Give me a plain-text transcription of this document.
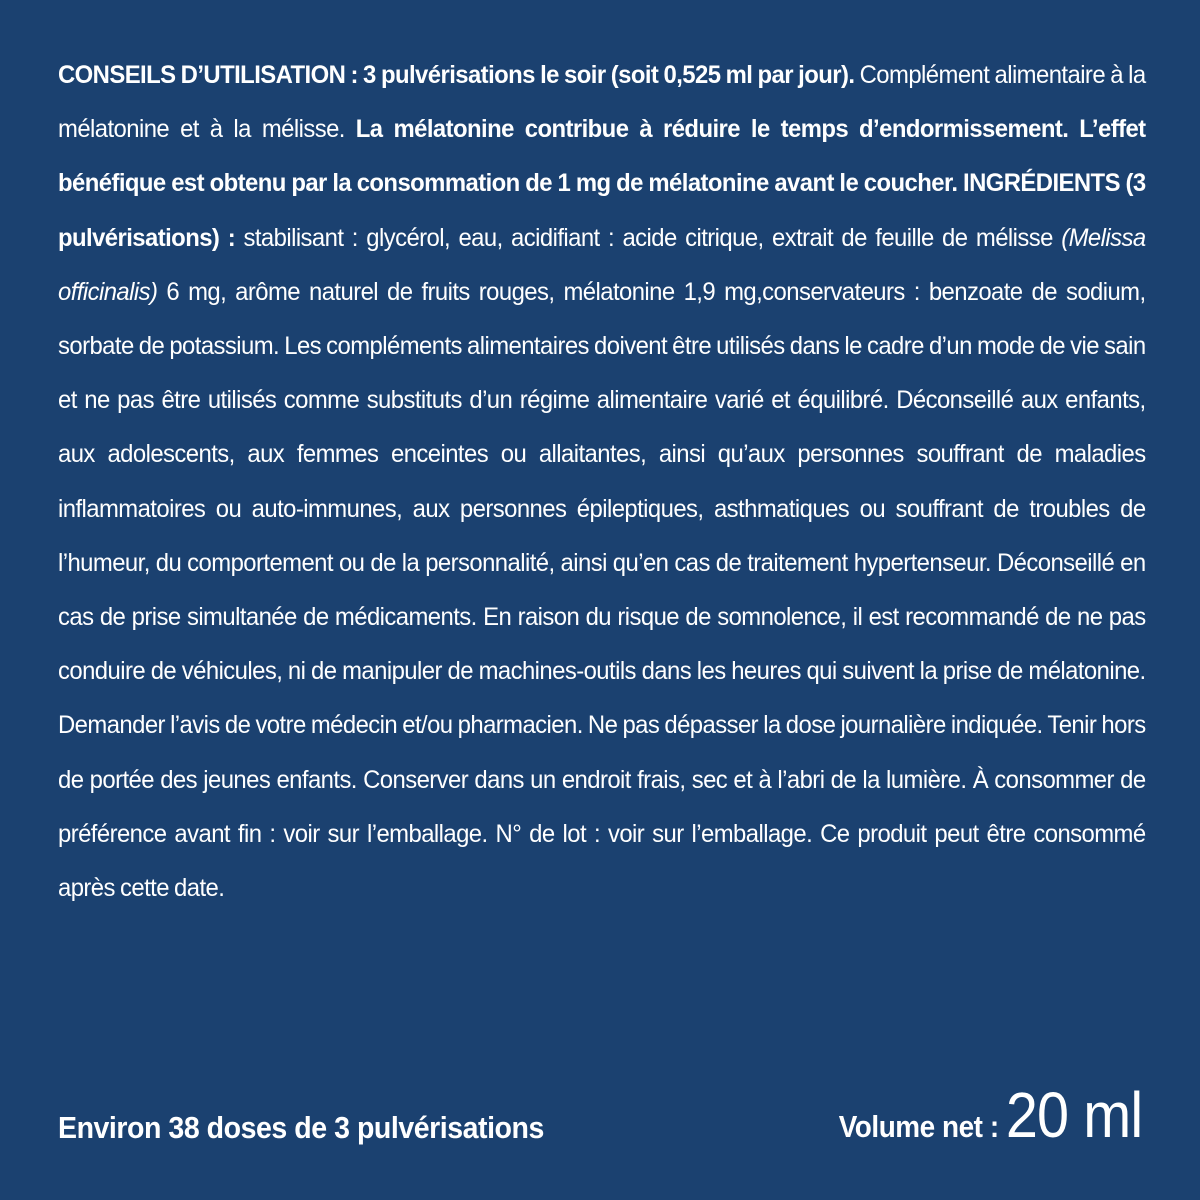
CONSEILS D’UTILISATION : 3 pulvérisations le soir (soit 0,525 ml par jour). Complément alimentaire à la mélatonine et à la mélisse. La mélatonine contribue à réduire le temps d’endormissement. L’effet bénéfique est obtenu par la consommation de 1 mg de mélatonine avant le coucher. INGRÉDIENTS (3 pulvérisations) : stabilisant : glycérol, eau, acidifiant : acide citrique, extrait de feuille de mélisse (Melissa officinalis) 6 mg, arôme naturel de fruits rouges, mélatonine 1,9 mg,conservateurs : benzoate de sodium, sorbate de potassium. Les compléments alimentaires doivent être utilisés dans le cadre d’un mode de vie sain et ne pas être utilisés comme substituts d’un régime alimentaire varié et équilibré. Déconseillé aux enfants, aux adolescents, aux femmes enceintes ou allaitantes, ainsi qu’aux personnes souffrant de maladies inflammatoires ou auto-immunes, aux personnes épileptiques, asthmatiques ou souffrant de troubles de l’humeur, du comportement ou de la personnalité, ainsi qu’en cas de traitement hypertenseur. Déconseillé en cas de prise simultanée de médicaments. En raison du risque de somnolence, il est recommandé de ne pas conduire de véhicules, ni de manipuler de machines-outils dans les heures qui suivent la prise de mélatonine. Demander l’avis de votre médecin et/ou pharmacien. Ne pas dépasser la dose journalière indiquée. Tenir hors de portée des jeunes enfants. Conserver dans un endroit frais, sec et à l’abri de la lumière. À consommer de préférence avant fin : voir sur l’emballage. N° de lot : voir sur l’emballage. Ce produit peut être consommé après cette date.
Environ 38 doses de 3 pulvérisations	Volume net : 20 ml
